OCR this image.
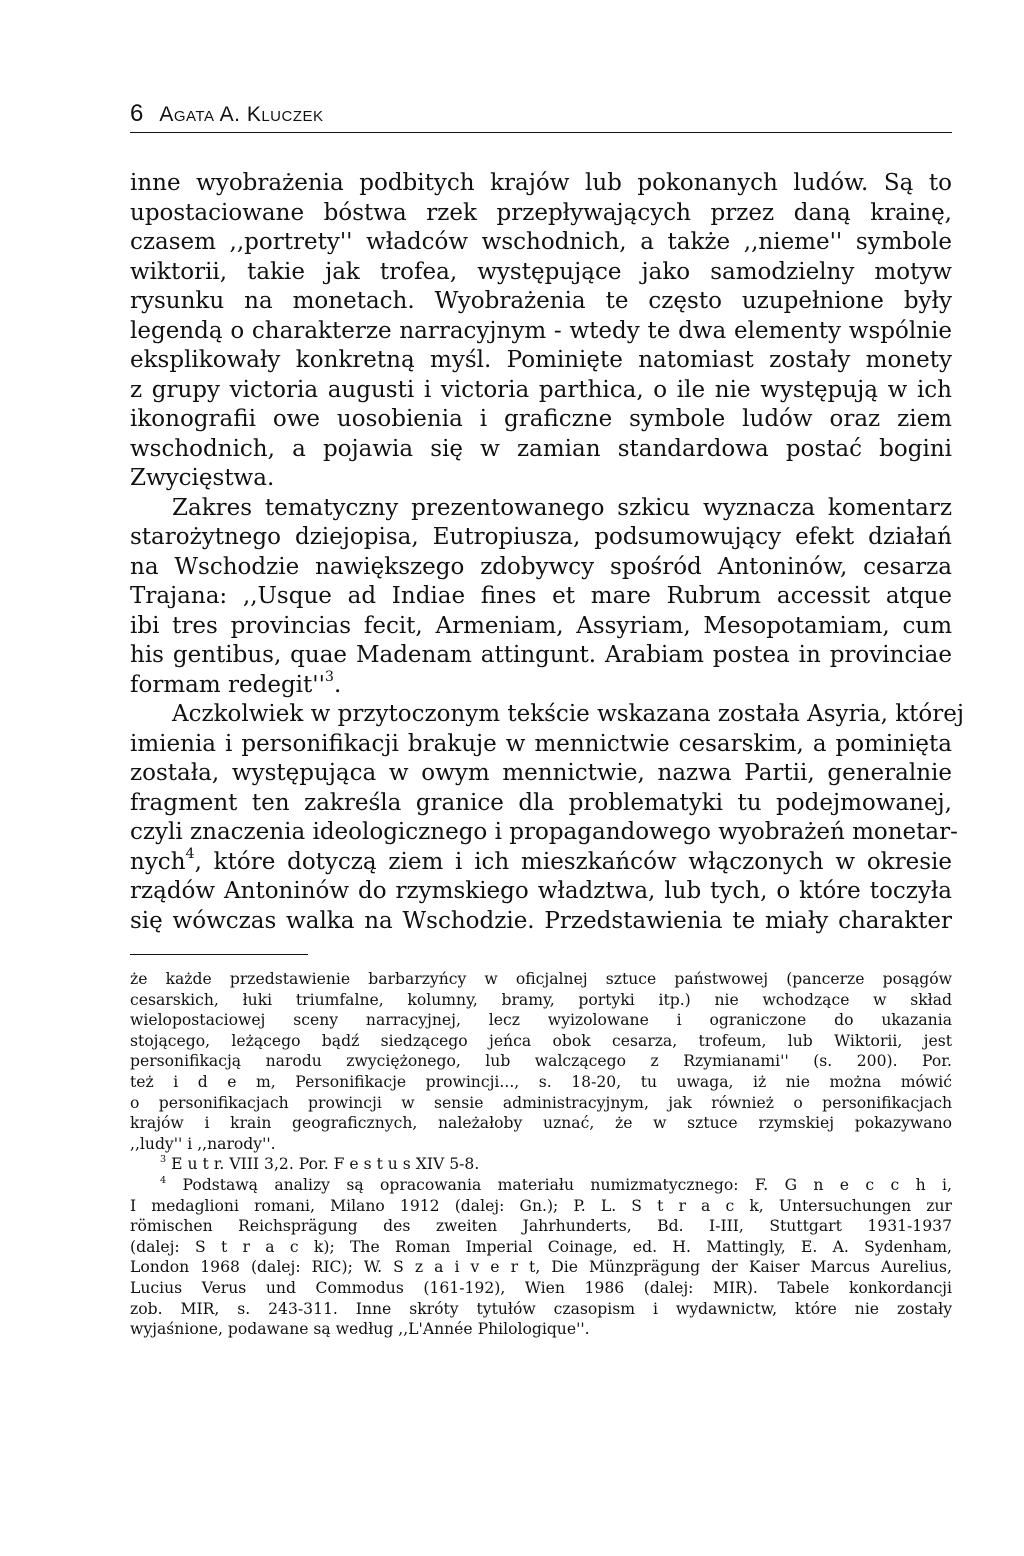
6 Agata A. Kluczek

inne wyobrażenia podbitych krajów lub pokonanych ludów. Są to
upostaciowane bóstwa rzek przepływających przez daną krainę,
czasem ,,portrety'' władców wschodnich, a także ,,nieme'' symbole
wiktorii, takie jak trofea, występujące jako samodzielny motyw
rysunku na monetach. Wyobrażenia te często uzupełnione były
legendą o charakterze narracyjnym - wtedy te dwa elementy wspólnie
eksplikowały konkretną myśl. Pominięte natomiast zostały monety
z grupy victoria augusti i victoria parthica, o ile nie występują w ich
ikonografii owe uosobienia i graficzne symbole ludów oraz ziem
wschodnich, a pojawia się w zamian standardowa postać bogini
Zwycięstwa.

Zakres tematyczny prezentowanego szkicu wyznacza komentarz
starożytnego dziejopisa, Eutropiusza, podsumowujący efekt działań
na Wschodzie nawiększego zdobywcy spośród Antoninów, cesarza
Trajana: ,,Usque ad Indiae fines et mare Rubrum accessit atque
ibi tres provincias fecit, Armeniam, Assyriam, Mesopotamiam, cum
his gentibus, quae Madenam attingunt. Arabiam postea in provinciae
formam $redegit''^3$.

Aczkolwiek w przytoczonym tekście wskazana została Asyria, której
imienia i personifikacji brakuje w mennictwie cesarskim, a pominięta
została, występująca w owym mennictwie, nazwa Partii, generalnie
fragment ten zakreśla granice dla problematyki tu podejmowanej,
czyli znaczenia ideologicznego i propagandowego wyobrażeń monetar-
nych$^4$, które dotyczą ziem i ich mieszkańców włączonych w okresie
rządów Antoninów do rzymskiego władztwa, lub tych, o które toczyła
się wówczas walka na Wschodzie. Przedstawienia te miały charakter

że każde przedstawienie barbarzyńcy w oficjalnej sztuce państwowej (pancerze posągów
cesarskich, łuki triumfalne, kolumny, bramy, portyki itp.) nie wchodzące w skład
wielopostaciowej sceny narracyjnej, lecz wyizolowane i ograniczone do ukazania
stojącego, leżącego bądź siedzącego jeńca obok cesarza, trofeum, lub Wiktorii, jest
personifikacją narodu zwyciężonego, lub walczącego z Rzymianami'' (s. 200). Por.
też i d e m, Personifikacje prowincji..., s. 18-20, tu uwaga, iż nie można mówić
o personifikacjach prowincji w sensie administracyjnym, jak również o personifikacjach
krajów i krain geograficznych, należałoby uznać, że w sztuce rzymskiej pokazywano
,,ludy'' i ,,narody''.
$^3$ E u t r. VIII 3,2. Por. F e s t u s XIV 5-8.
$^4$ Podstawą analizy są opracowania materiału numizmatycznego: F. G n e c c h i,
I medaglioni romani, Milano 1912 (dalej: Gn.); P. L. S t r a c k, Untersuchungen zur
römischen Reichsprägung des zweiten Jahrhunderts, Bd. I-III, Stuttgart 1931-1937
(dalej: S t r a c k); The Roman Imperial Coinage, ed. H. Mattingly, E. A. Sydenham,
London 1968 (dalej: RIC); W. S z a i v e r t, Die Münzprägung der Kaiser Marcus Aurelius,
Lucius Verus und Commodus (161-192), Wien 1986 (dalej: MIR). Tabele konkordancji
zob. MIR, s. 243-311. Inne skróty tytułów czasopism i wydawnictw, które nie zostały
wyjaśnione, podawane są według ,,L'Année Philologique''.
